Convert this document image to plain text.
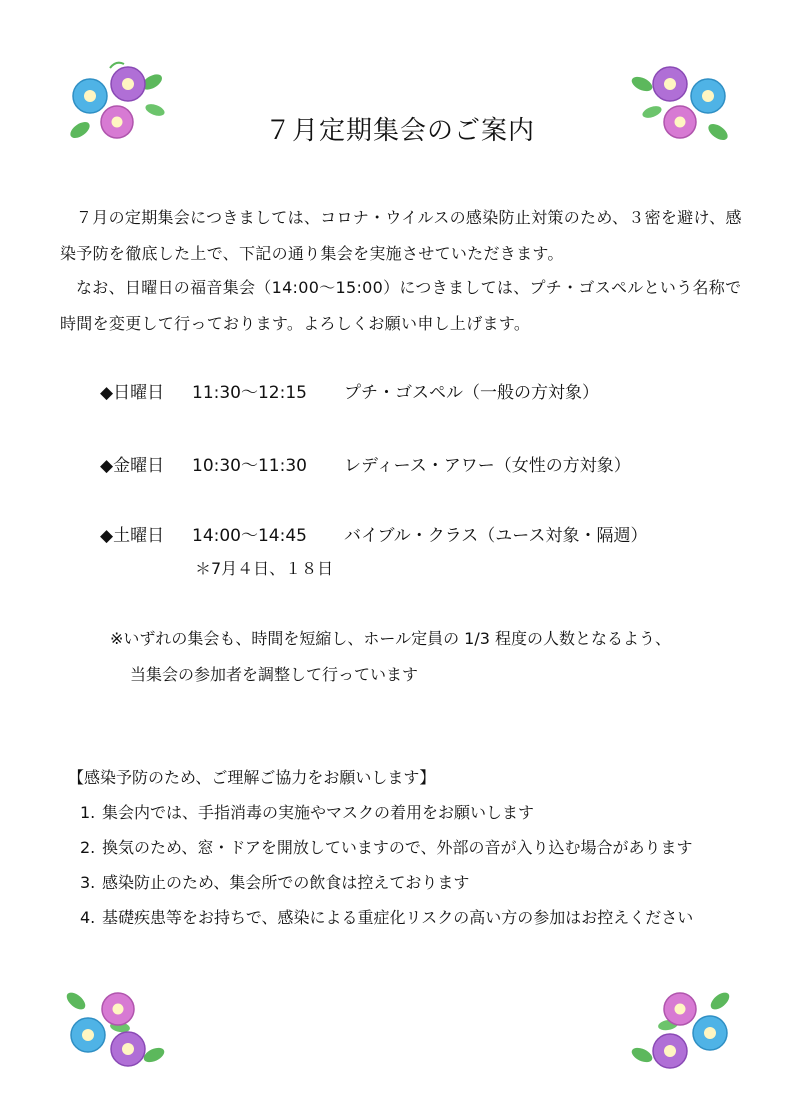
７月定期集会のご案内

７月の定期集会につきましては、コロナ・ウイルスの感染防止対策のため、３密を避け、感染予防を徹底した上で、下記の通り集会を実施させていただきます。

なお、日曜日の福音集会（14:00～15:00）につきましては、プチ・ゴスペルという名称で時間を変更して行っております。よろしくお願い申し上げます。

◆日曜日 11:30～12:15 プチ・ゴスペル（一般の方対象）
◆金曜日 10:30～11:30 レディース・アワー（女性の方対象）
◆土曜日 14:00～14:45 バイブル・クラス（ユース対象・隔週）
＊7月４日、１８日
※いずれの集会も、時間を短縮し、ホール定員の 1/3 程度の人数となるよう、
当集会の参加者を調整して行っています
【感染予防のため、ご理解ご協力をお願いします】
1. 集会内では、手指消毒の実施やマスクの着用をお願いします
2. 換気のため、窓・ドアを開放していますので、外部の音が入り込む場合があります
3. 感染防止のため、集会所での飲食は控えております
4. 基礎疾患等をお持ちで、感染による重症化リスクの高い方の参加はお控えください
